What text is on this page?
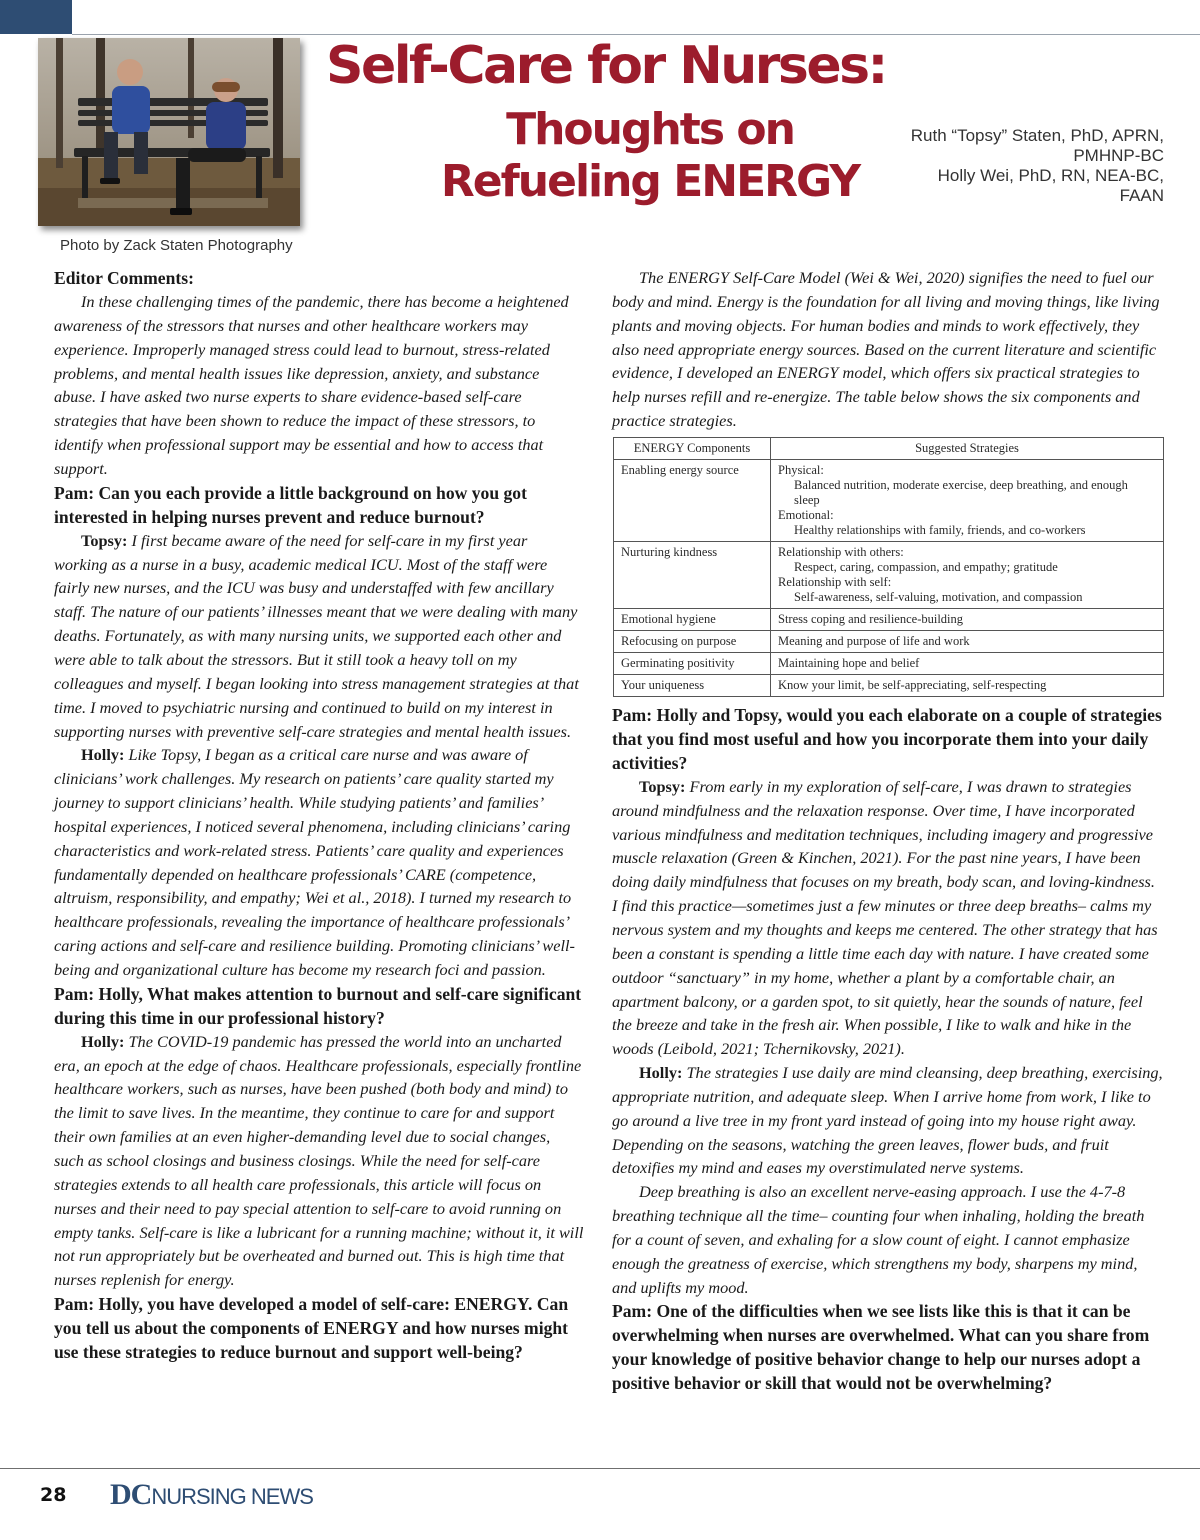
Photo by Zack Staten Photography
Self-Care for Nurses:
Thoughts on
Refueling ENERGY
Ruth “Topsy” Staten, PhD, APRN,
PMHNP-BC
Holly Wei, PhD, RN, NEA-BC,
FAAN
Editor Comments:

In these challenging times of the pandemic, there has become a heightened awareness of the stressors that nurses and other healthcare workers may experience. Improperly managed stress could lead to burnout, stress-related problems, and mental health issues like depression, anxiety, and substance abuse. I have asked two nurse experts to share evidence-based self-care strategies that have been shown to reduce the impact of these stressors, to identify when professional support may be essential and how to access that support.

Pam: Can you each provide a little background on how you got interested in helping nurses prevent and reduce burnout?

Topsy: I first became aware of the need for self-care in my first year working as a nurse in a busy, academic medical ICU. Most of the staff were fairly new nurses, and the ICU was busy and understaffed with few ancillary staff. The nature of our patients’ illnesses meant that we were dealing with many deaths. Fortunately, as with many nursing units, we supported each other and were able to talk about the stressors. But it still took a heavy toll on my colleagues and myself. I began looking into stress management strategies at that time. I moved to psychiatric nursing and continued to build on my interest in supporting nurses with preventive self-care strategies and mental health issues.

Holly: Like Topsy, I began as a critical care nurse and was aware of clinicians’ work challenges. My research on patients’ care quality started my journey to support clinicians’ health. While studying patients’ and families’ hospital experiences, I noticed several phenomena, including clinicians’ caring characteristics and work-related stress. Patients’ care quality and experiences fundamentally depended on healthcare professionals’ CARE (competence, altruism, responsibility, and empathy; Wei et al., 2018). I turned my research to healthcare professionals, revealing the importance of healthcare professionals’ caring actions and self-care and resilience building. Promoting clinicians’ well-being and organizational culture has become my research foci and passion.

Pam: Holly, What makes attention to burnout and self-care significant during this time in our professional history?

Holly: The COVID-19 pandemic has pressed the world into an uncharted era, an epoch at the edge of chaos. Healthcare professionals, especially frontline healthcare workers, such as nurses, have been pushed (both body and mind) to the limit to save lives. In the meantime, they continue to care for and support their own families at an even higher-demanding level due to social changes, such as school closings and business closings. While the need for self-care strategies extends to all health care professionals, this article will focus on nurses and their need to pay special attention to self-care to avoid running on empty tanks. Self-care is like a lubricant for a running machine; without it, it will not run appropriately but be overheated and burned out. This is high time that nurses replenish for energy.

Pam: Holly, you have developed a model of self-care: ENERGY. Can you tell us about the components of ENERGY and how nurses might use these strategies to reduce burnout and support well-being?

The ENERGY Self-Care Model (Wei & Wei, 2020) signifies the need to fuel our body and mind. Energy is the foundation for all living and moving things, like living plants and moving objects. For human bodies and minds to work effectively, they also need appropriate energy sources. Based on the current literature and scientific evidence, I developed an ENERGY model, which offers six practical strategies to help nurses refill and re-energize. The table below shows the six components and practice strategies.

ENERGY Components	Suggested Strategies
Enabling energy source	Physical:
Balanced nutrition, moderate exercise, deep breathing, and enough sleep
Emotional:
Healthy relationships with family, friends, and co-workers

Nurturing kindness	Relationship with others:
Respect, caring, compassion, and empathy; gratitude
Relationship with self:
Self-awareness, self-valuing, motivation, and compassion

Emotional hygiene	Stress coping and resilience-building
Refocusing on purpose	Meaning and purpose of life and work
Germinating positivity	Maintaining hope and belief
Your uniqueness	Know your limit, be self-appreciating, self-respecting
Pam: Holly and Topsy, would you each elaborate on a couple of strategies that you find most useful and how you incorporate them into your daily activities?

Topsy: From early in my exploration of self-care, I was drawn to strategies around mindfulness and the relaxation response. Over time, I have incorporated various mindfulness and meditation techniques, including imagery and progressive muscle relaxation (Green & Kinchen, 2021). For the past nine years, I have been doing daily mindfulness that focuses on my breath, body scan, and loving-kindness. I find this practice—sometimes just a few minutes or three deep breaths– calms my nervous system and my thoughts and keeps me centered. The other strategy that has been a constant is spending a little time each day with nature. I have created some outdoor “sanctuary” in my home, whether a plant by a comfortable chair, an apartment balcony, or a garden spot, to sit quietly, hear the sounds of nature, feel the breeze and take in the fresh air. When possible, I like to walk and hike in the woods (Leibold, 2021; Tchernikovsky, 2021).

Holly: The strategies I use daily are mind cleansing, deep breathing, exercising, appropriate nutrition, and adequate sleep. When I arrive home from work, I like to go around a live tree in my front yard instead of going into my house right away. Depending on the seasons, watching the green leaves, flower buds, and fruit detoxifies my mind and eases my overstimulated nerve systems.

Deep breathing is also an excellent nerve-easing approach. I use the 4-7-8 breathing technique all the time– counting four when inhaling, holding the breath for a count of seven, and exhaling for a slow count of eight. I cannot emphasize enough the greatness of exercise, which strengthens my body, sharpens my mind, and uplifts my mood.

Pam: One of the difficulties when we see lists like this is that it can be overwhelming when nurses are overwhelmed. What can you share from your knowledge of positive behavior change to help our nurses adopt a positive behavior or skill that would not be overwhelming?
28 DCNURSING NEWS
